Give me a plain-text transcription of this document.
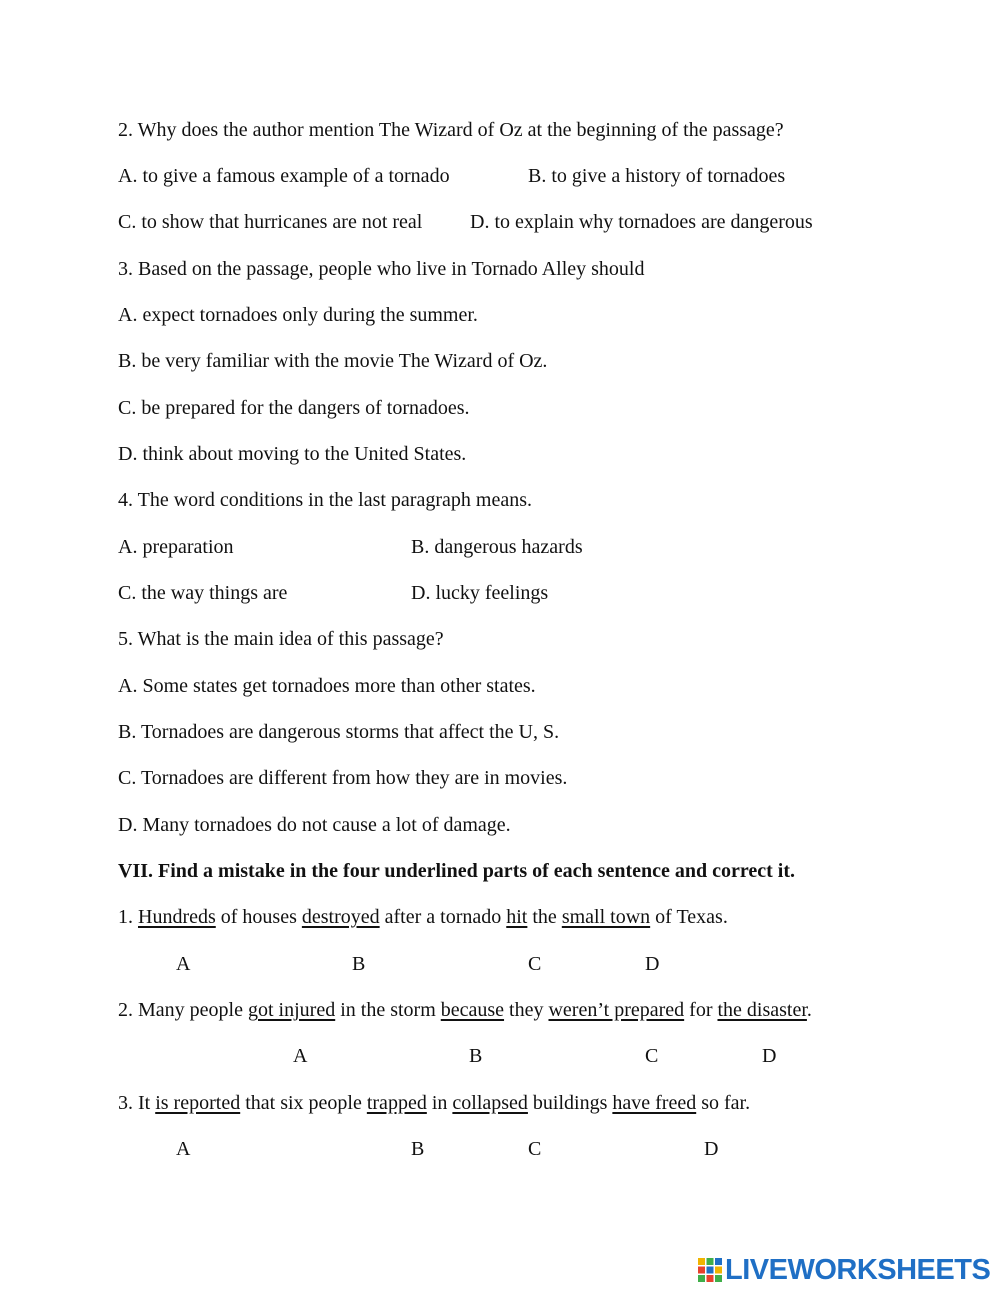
2. Why does the author mention The Wizard of Oz at the beginning of the passage?
A. to give a famous example of a tornado	B. to give a history of tornadoes
C. to show that hurricanes are not real D. to explain why tornadoes are dangerous
3. Based on the passage, people who live in Tornado Alley should
A. expect tornadoes only during the summer.
B. be very familiar with the movie The Wizard of Oz.
C. be prepared for the dangers of tornadoes.
D. think about moving to the United States.
4. The word conditions in the last paragraph means.
A. preparation	B. dangerous hazards
C. the way things are	D. lucky feelings
5. What is the main idea of this passage?
A. Some states get tornadoes more than other states.
B. Tornadoes are dangerous storms that affect the U, S.
C. Tornadoes are different from how they are in movies.
D. Many tornadoes do not cause a lot of damage.
VII. Find a mistake in the four underlined parts of each sentence and correct it.
1. Hundreds of houses destroyed after a tornado hit the small town of Texas.
A	B	C	D
2. Many people got injured in the storm because they weren’t prepared for the disaster.
A	B	C	D
3. It is reported that six people trapped in collapsed buildings have freed so far.
A	B	C	D
LIVEWORKSHEETS
